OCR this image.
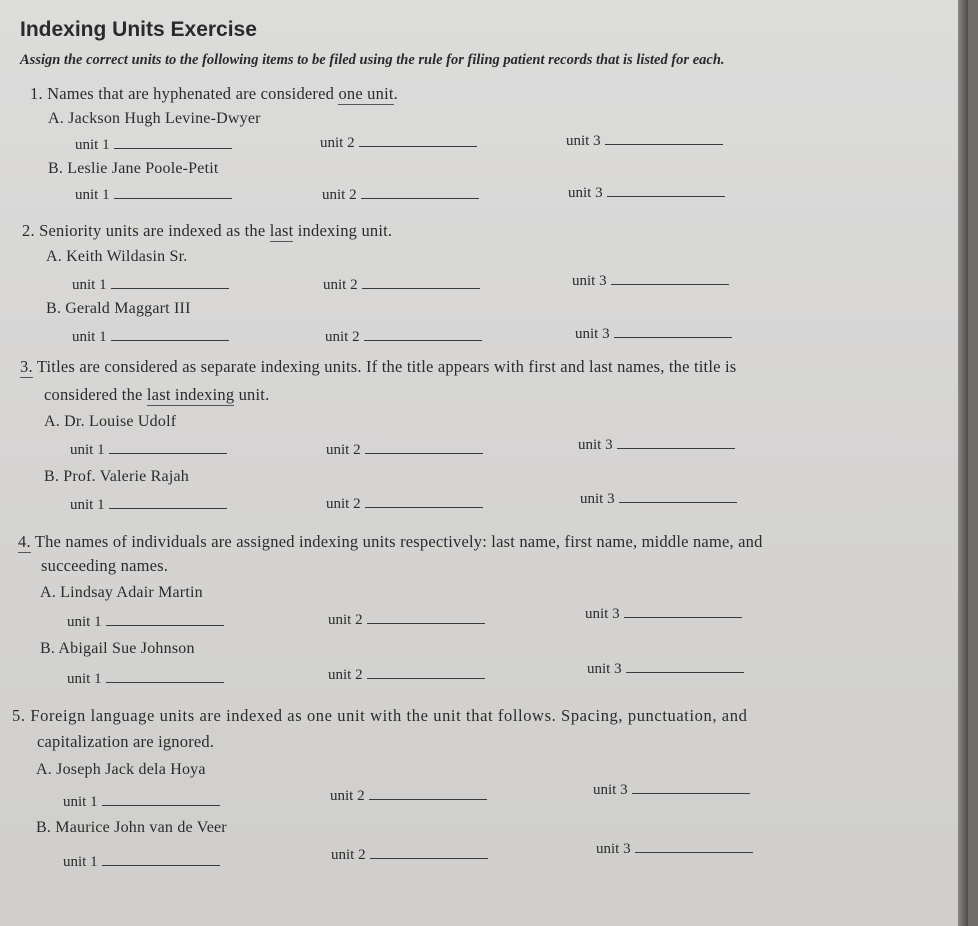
Indexing Units Exercise
Assign the correct units to the following items to be filed using the rule for filing patient records that is listed for each.
1. Names that are hyphenated are considered one unit.
A. Jackson Hugh Levine-Dwyer
unit 1	unit 2	unit 3
B. Leslie Jane Poole-Petit
unit 1	unit 2	unit 3
2. Seniority units are indexed as the last indexing unit.
A. Keith Wildasin Sr.
unit 1	unit 2	unit 3
B. Gerald Maggart III
unit 1	unit 2	unit 3
3. Titles are considered as separate indexing units. If the title appears with first and last names, the title is
considered the last indexing unit.
A. Dr. Louise Udolf
unit 1	unit 2	unit 3
B. Prof. Valerie Rajah
unit 1	unit 2	unit 3
4. The names of individuals are assigned indexing units respectively: last name, first name, middle name, and
succeeding names.
A. Lindsay Adair Martin
unit 1	unit 2	unit 3
B. Abigail Sue Johnson
unit 1	unit 2	unit 3
5. Foreign language units are indexed as one unit with the unit that follows. Spacing, punctuation, and
capitalization are ignored.
A. Joseph Jack dela Hoya
unit 1	unit 2	unit 3
B. Maurice John van de Veer
unit 1	unit 2	unit 3
